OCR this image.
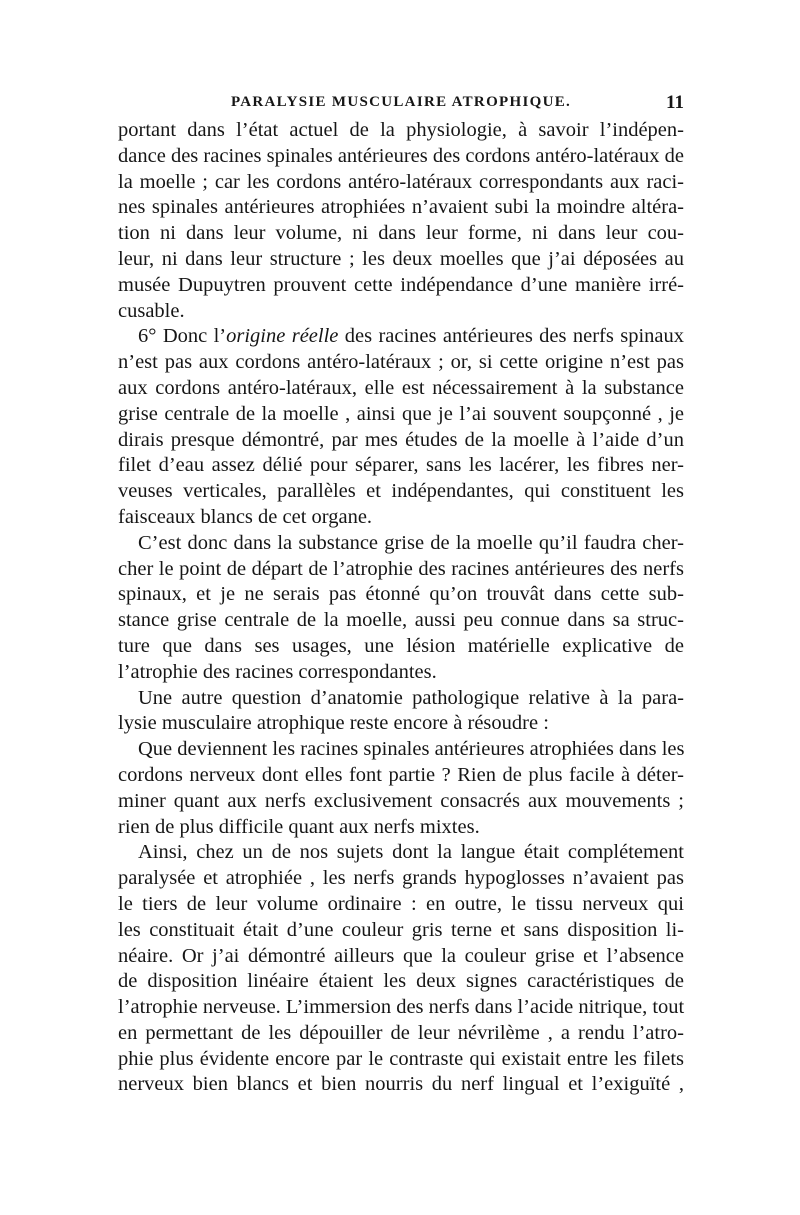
PARALYSIE MUSCULAIRE ATROPHIQUE.	11
portant dans l’état actuel de la physiologie, à savoir l’indépen-
dance des racines spinales antérieures des cordons antéro-latéraux de
la moelle ; car les cordons antéro-latéraux correspondants aux raci-
nes spinales antérieures atrophiées n’avaient subi la moindre altéra-
tion ni dans leur volume, ni dans leur forme, ni dans leur cou-
leur, ni dans leur structure ; les deux moelles que j’ai déposées au
musée Dupuytren prouvent cette indépendance d’une manière irré-
cusable.
6° Donc l’origine réelle des racines antérieures des nerfs spinaux
n’est pas aux cordons antéro-latéraux ; or, si cette origine n’est pas
aux cordons antéro-latéraux, elle est nécessairement à la substance
grise centrale de la moelle , ainsi que je l’ai souvent soupçonné , je
dirais presque démontré, par mes études de la moelle à l’aide d’un
filet d’eau assez délié pour séparer, sans les lacérer, les fibres ner-
veuses verticales, parallèles et indépendantes, qui constituent les
faisceaux blancs de cet organe.
C’est donc dans la substance grise de la moelle qu’il faudra cher-
cher le point de départ de l’atrophie des racines antérieures des nerfs
spinaux, et je ne serais pas étonné qu’on trouvât dans cette sub-
stance grise centrale de la moelle, aussi peu connue dans sa struc-
ture que dans ses usages, une lésion matérielle explicative de
l’atrophie des racines correspondantes.
Une autre question d’anatomie pathologique relative à la para-
lysie musculaire atrophique reste encore à résoudre :
Que deviennent les racines spinales antérieures atrophiées dans les
cordons nerveux dont elles font partie ? Rien de plus facile à déter-
miner quant aux nerfs exclusivement consacrés aux mouvements ;
rien de plus difficile quant aux nerfs mixtes.
Ainsi, chez un de nos sujets dont la langue était complétement
paralysée et atrophiée , les nerfs grands hypoglosses n’avaient pas
le tiers de leur volume ordinaire : en outre, le tissu nerveux qui
les constituait était d’une couleur gris terne et sans disposition li-
néaire. Or j’ai démontré ailleurs que la couleur grise et l’absence
de disposition linéaire étaient les deux signes caractéristiques de
l’atrophie nerveuse. L’immersion des nerfs dans l’acide nitrique, tout
en permettant de les dépouiller de leur névrilème , a rendu l’atro-
phie plus évidente encore par le contraste qui existait entre les filets
nerveux bien blancs et bien nourris du nerf lingual et l’exiguïté ,
